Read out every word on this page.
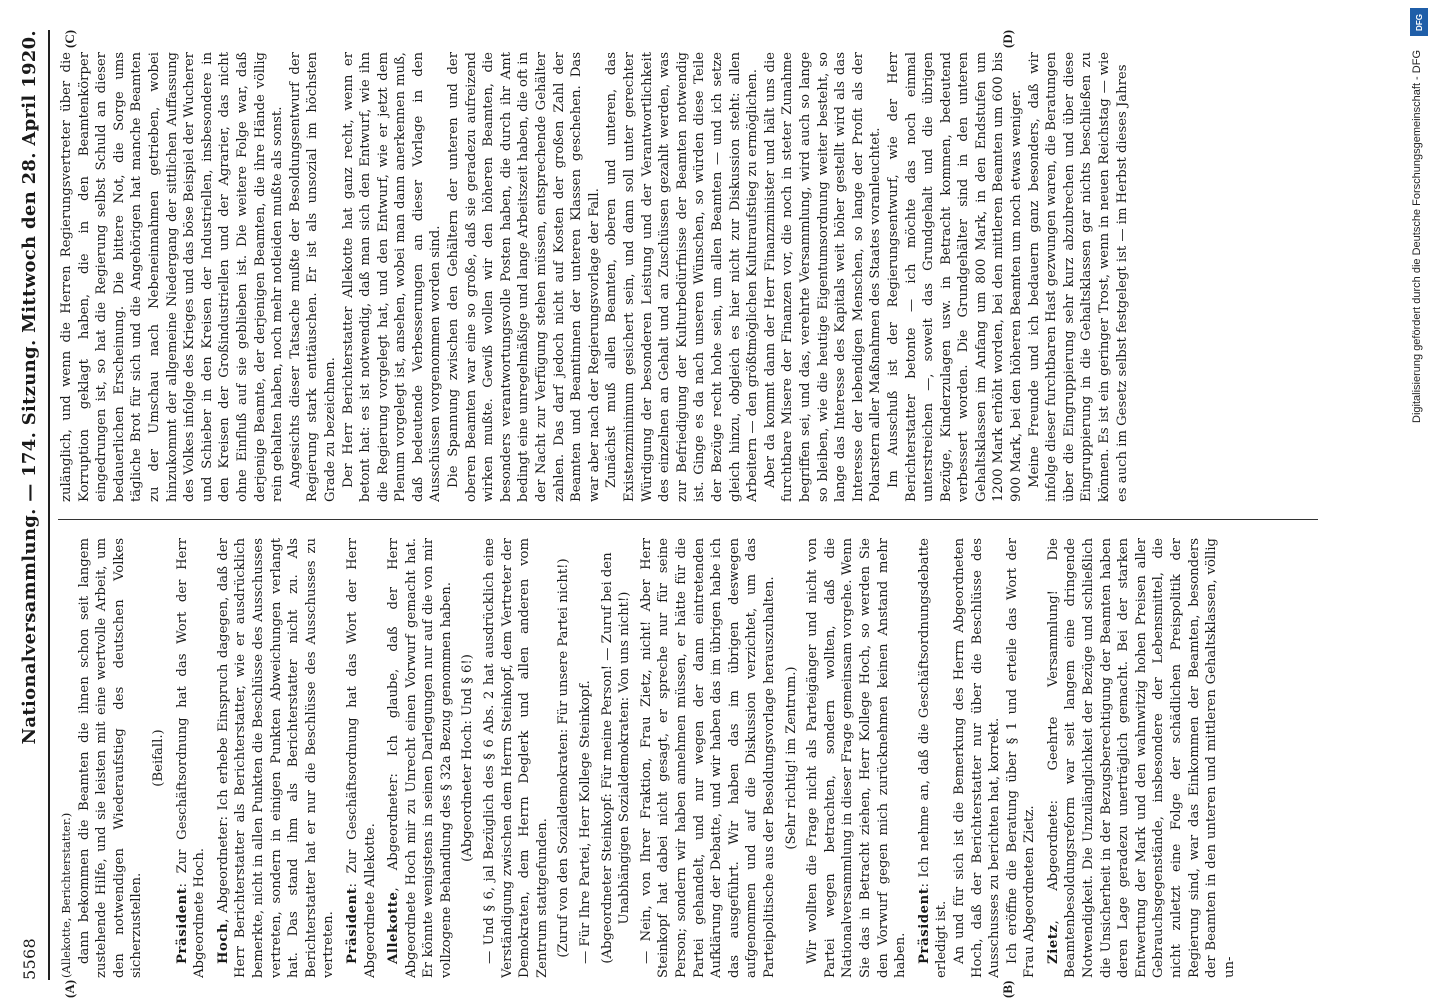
5568
Nationalversammlung. — 174. Sitzung. Mittwoch den 28. April 1920.
(A)	(B)
(C)	(D)

(Allekotte, Berichterstatter.) dann bekommen die Beamten die ihnen schon seit langem zustehende Hilfe, und sie leisten mit eine wertvolle Arbeit, um den notwendigen Wiederaufstieg des deutschen Volkes sicherzustellen.

(Beifall.)

Präsident: Zur Geschäftsordnung hat das Wort der Herr Abgeordnete Hoch. Hoch, Abgeordneter: Ich erhebe Einspruch dagegen, daß der Herr Berichterstatter als Berichterstatter, wie er ausdrücklich bemerkte, nicht in allen Punkten die Beschlüsse des Ausschusses vertreten, sondern in einigen Punkten Abweichungen verlangt hat. Das stand ihm als Berichterstatter nicht zu. Als Berichterstatter hat er nur die Beschlüsse des Ausschusses zu vertreten. Präsident: Zur Geschäftsordnung hat das Wort der Herr Abgeordnete Allekotte. Allekotte, Abgeordneter: Ich glaube, daß der Herr Abgeordnete Hoch mir zu Unrecht einen Vorwurf gemacht hat. Er könnte wenigstens in seinen Darlegungen nur auf die von mir vollzogene Behandlung des § 32a Bezug genommen haben. (Abgeordneter Hoch: Und § 6!) — Und § 6, jal Bezüglich des § 6 Abs. 2 hat ausdrücklich eine Verständigung zwischen dem Herrn Steinkopf, dem Vertreter der Demokraten, dem Herrn Deglerk und allen anderen vom Zentrum stattgefunden. (Zuruf von den Sozialdemokraten: Für unsere Partei nicht!) — Für Ihre Partei, Herr Kollege Steinkopf. (Abgeordneter Steinkopf: Für meine Person! — Zuruf bei den Unabhängigen Sozialdemokraten: Von uns nicht!) — Nein, von Ihrer Fraktion, Frau Zietz, nicht! Aber Herr Steinkopf hat dabei nicht gesagt, er spreche nur für seine Person; sondern wir haben annehmen müssen, er hätte für die Partei gehandelt, und nur wegen der dann eintretenden Aufklärung der Debatte, und wir haben das im übrigen habe ich das ausgeführt. Wir haben das im übrigen deswegen aufgenommen und auf die Diskussion verzichtet, um das Parteipolitische aus der Besoldungsvorlage herauszuhalten. (Sehr richtig! im Zentrum.) Wir wollten die Frage nicht als Parteigänger und nicht von Partei wegen betrachten, sondern wollten, daß die Nationalversammlung in dieser Frage gemeinsam vorgehe. Wenn Sie das in Betracht ziehen, Herr Kollege Hoch, so werden Sie den Vorwurf gegen mich zurücknehmen keinen Anstand mehr haben. Präsident: Ich nehme an, daß die Geschäftsordnungsdebatte erledigt ist. An und für sich ist die Bemerkung des Herrn Abgeordneten Hoch, daß der Berichterstatter nur über die Beschlüsse des Ausschusses zu berichten hat, korrekt. Ich eröffne die Beratung über § 1 und erteile das Wort der Frau Abgeordneten Zietz. Zietz, Abgeordnete: Geehrte Versammlung! Die Beamtenbesoldungsreform war seit langem eine dringende Notwendigkeit. Die Unzulänglichkeit der Bezüge und schließlich die Unsicherheit in der Bezugsberechtigung der Beamten haben deren Lage geradezu unerträglich gemacht. Bei der starken Entwertung der Mark und den wahnwitzig hohen Preisen aller Gebrauchsgegenstände, insbesondere der Lebensmittel, die nicht zuletzt eine Folge der schädlichen Preispolitik der Regierung sind, war das Einkommen der Beamten, besonders der Beamten in den unteren und mittleren Gehaltsklassen, völlig un-

zulänglich, und wenn die Herren Regierungsvertreter über die Korruption geklagt haben, die in den Beamtenkörper eingedrungen ist, so hat die Regierung selbst Schuld an dieser bedauerlichen Erscheinung. Die bittere Not, die Sorge ums tägliche Brot für sich und die Angehörigen hat manche Beamten zu der Umschau nach Nebeneinnahmen getrieben, wobei hinzukommt der allgemeine Niedergang der sittlichen Auffassung des Volkes infolge des Krieges und das böse Beispiel der Wucherer und Schieber in den Kreisen der Industriellen, insbesondere in den Kreisen der Großindustriellen und der Agrarier, das nicht ohne Einfluß auf sie geblieben ist. Die weitere Folge war, daß derjenige Beamte, der derjenigen Beamten, die ihre Hände völlig rein gehalten haben, noch mehr notleiden mußte als sonst. Angesichts dieser Tatsache mußte der Besoldungsentwurf der Regierung stark enttäuschen. Er ist als unsozial im höchsten Grade zu bezeichnen. Der Herr Berichterstatter Allekotte hat ganz recht, wenn er betont hat: es ist notwendig, daß man sich den Entwurf, wie ihn die Regierung vorgelegt hat, und den Entwurf, wie er jetzt dem Plenum vorgelegt ist, ansehen, wobei man dann anerkennen muß, daß bedeutende Verbesserungen an dieser Vorlage in den Ausschüssen vorgenommen worden sind. Die Spannung zwischen den Gehältern der unteren und der oberen Beamten war eine so große, daß sie geradezu aufreizend wirken mußte. Gewiß wollen wir den höheren Beamten, die besonders verantwortungsvolle Posten haben, die durch ihr Amt bedingt eine unregelmäßige und lange Arbeitszeit haben, die oft in der Nacht zur Verfügung stehen müssen, entsprechende Gehälter zahlen. Das darf jedoch nicht auf Kosten der großen Zahl der Beamten und Beamtinnen der unteren Klassen geschehen. Das war aber nach der Regierungsvorlage der Fall. Zunächst muß allen Beamten, oberen und unteren, das Existenzminimum gesichert sein, und dann soll unter gerechter Würdigung der besonderen Leistung und der Verantwortlichkeit des einzelnen an Gehalt und an Zuschüssen gezahlt werden, was zur Befriedigung der Kulturbedürfnisse der Beamten notwendig ist. Ginge es da nach unseren Wünschen, so würden diese Teile der Bezüge recht hohe sein, um allen Beamten — und ich setze gleich hinzu, obgleich es hier nicht zur Diskussion steht: allen Arbeitern — den größtmöglichen Kulturaufstieg zu ermöglichen. Aber da kommt dann der Herr Finanzminister und hält uns die furchtbare Misere der Finanzen vor, die noch in steter Zunahme begriffen sei, und das, verehrte Versammlung, wird auch so lange so bleiben, wie die heutige Eigentumsordnung weiter besteht, so lange das Interesse des Kapitals weit höher gestellt wird als das Interesse der lebendigen Menschen, so lange der Profit als der Polarstern aller Maßnahmen des Staates voranleuchtet. Im Ausschuß ist der Regierungsentwurf, wie der Herr Berichterstatter betonte — ich möchte das noch einmal unterstreichen —, soweit das Grundgehalt und die übrigen Bezüge, Kinderzulagen usw. in Betracht kommen, bedeutend verbessert worden. Die Grundgehälter sind in den unteren Gehaltsklassen im Anfang um 800 Mark, in den Endstufen um 1200 Mark erhöht worden, bei den mittleren Beamten um 600 bis 900 Mark, bei den höheren Beamten um noch etwas weniger. Meine Freunde und ich bedauern ganz besonders, daß wir infolge dieser furchtbaren Hast gezwungen waren, die Beratungen über die Eingruppierung sehr kurz abzubrechen und über diese Eingruppierung in die Gehaltsklassen gar nichts beschließen zu können. Es ist ein geringer Trost, wenn in neuen Reichstag — wie es auch im Gesetz selbst festgelegt ist — im Herbst dieses Jahres	Digitalisierung gefördert durch die Deutsche Forschungsgemeinschaft - DFG
DFG
